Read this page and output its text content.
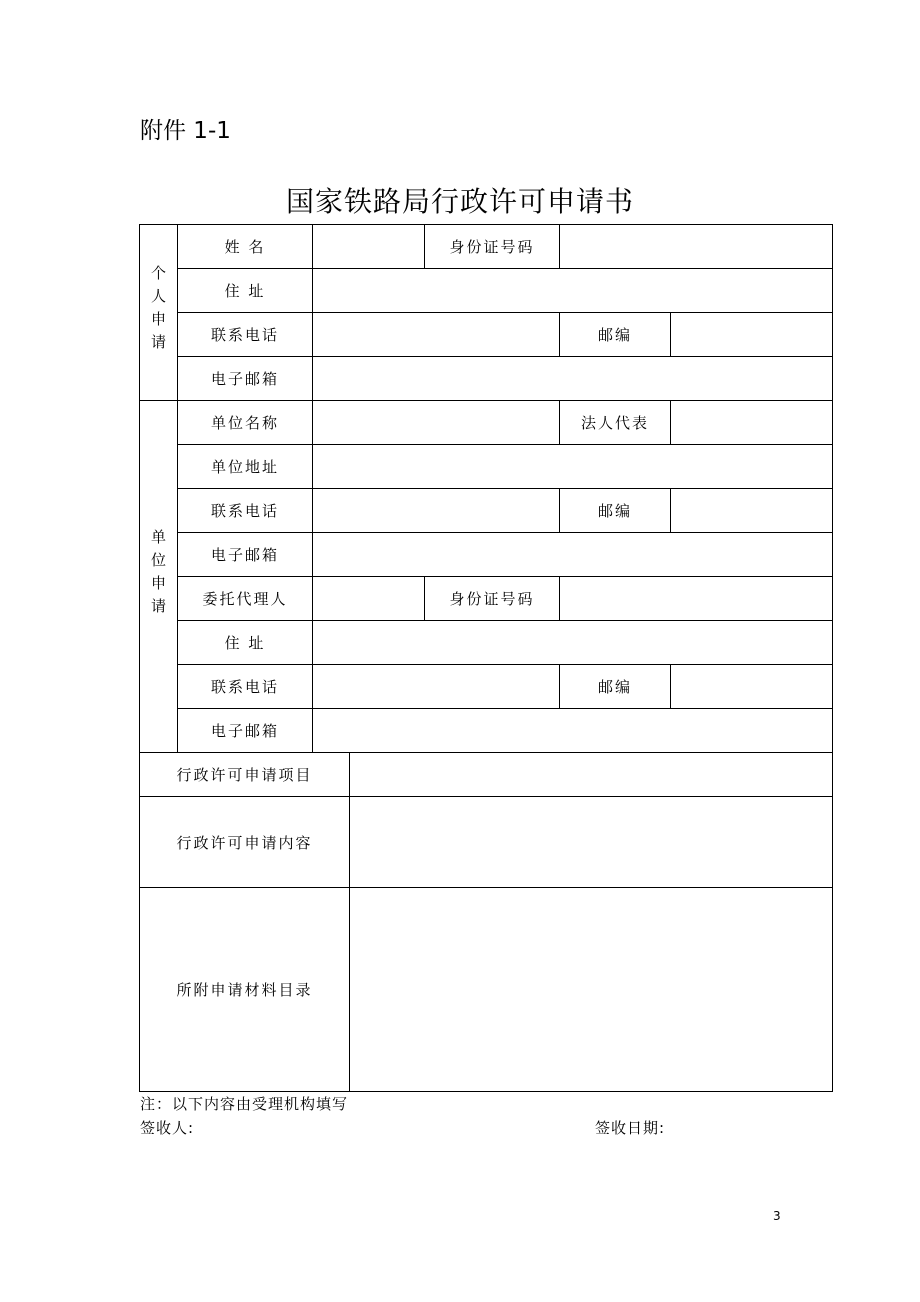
附件 1-1
国家铁路局行政许可申请书
个人申请	姓 名			身份证号码		
	住 址					
	联系电话				邮编	
	电子邮箱					
单位申请	单位名称				法人代表	
	单位地址					
	联系电话				邮编	
	电子邮箱					
	委托代理人			身份证号码		
	住 址					
	联系电话				邮编	
	电子邮箱					
行政许可申请项目						
行政许可申请内容						
所附申请材料目录						
注：以下内容由受理机构填写
签收人:	签收日期:
3
